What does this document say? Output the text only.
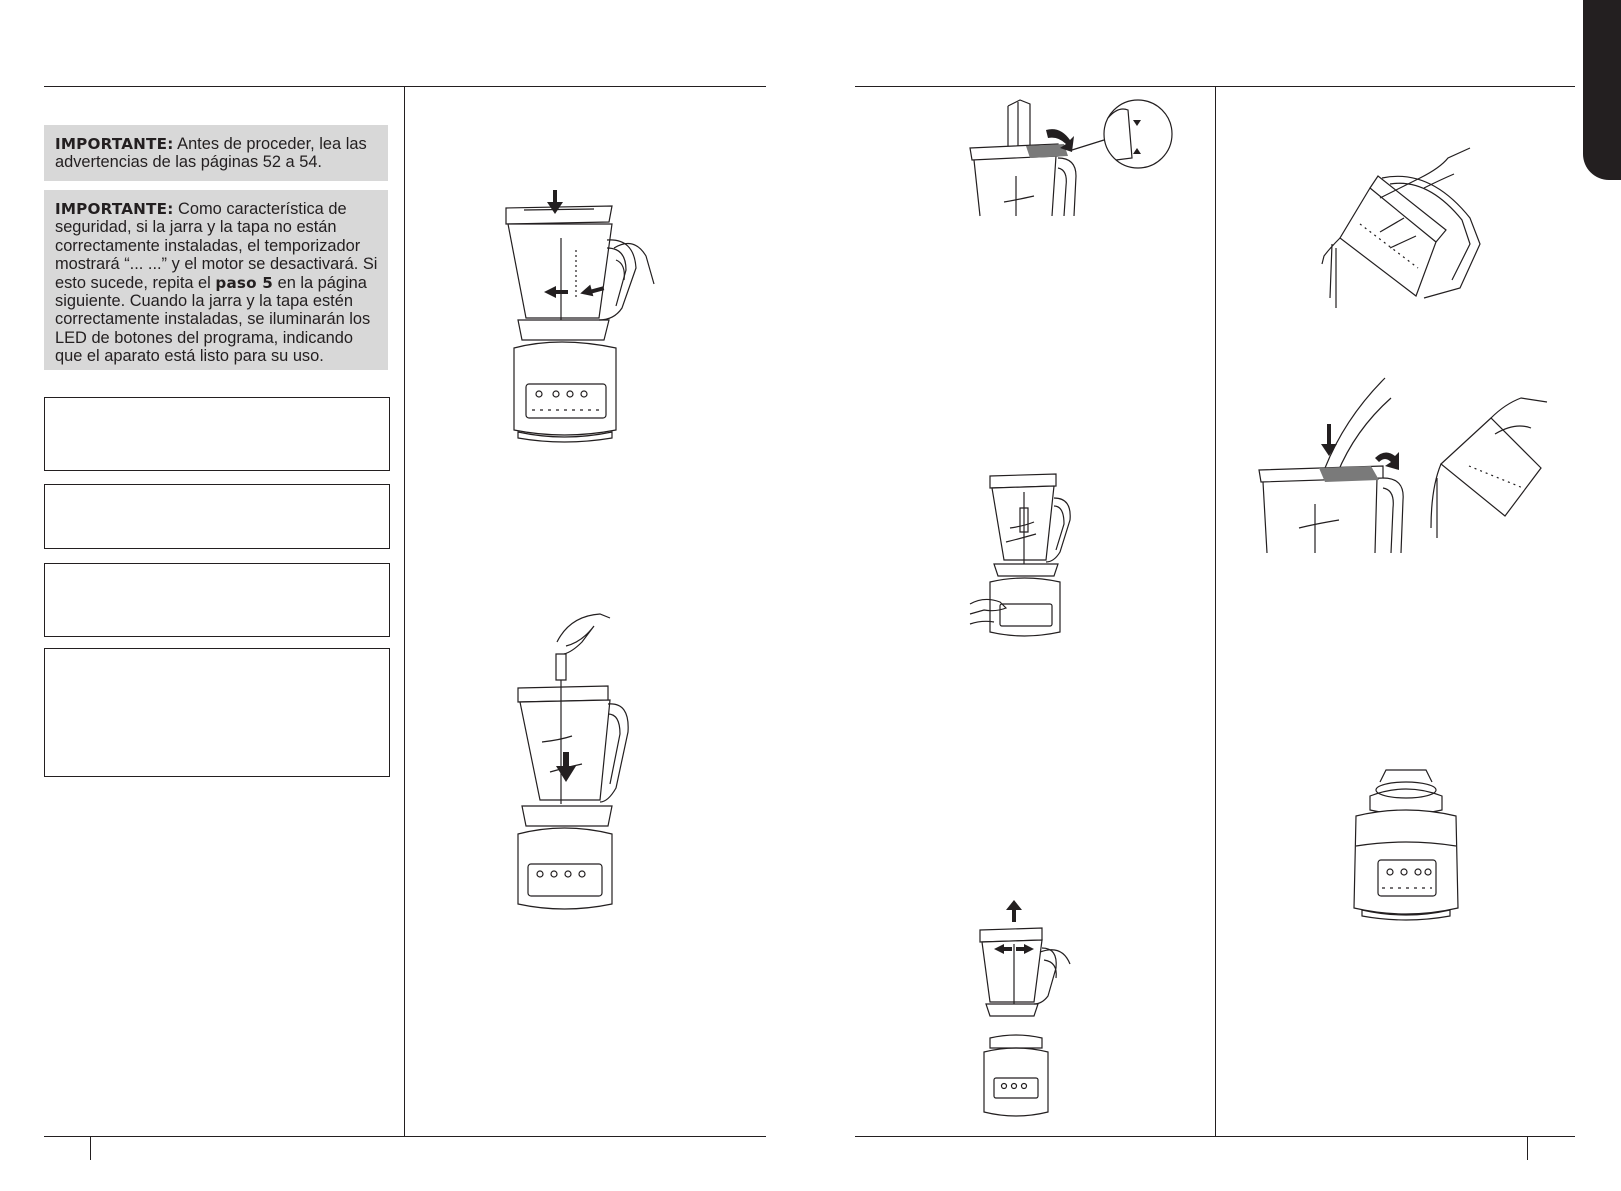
IMPORTANTE: Antes de proceder, lea las advertencias de las páginas 52 a 54.
IMPORTANTE: Como característica de seguridad, si la jarra y la tapa no están correctamente instaladas, el temporizador mostrará “... ...” y el motor se desactivará. Si esto sucede, repita el paso 5 en la página siguiente. Cuando la jarra y la tapa estén correctamente instaladas, se iluminarán los LED de botones del programa, indicando que el aparato está listo para su uso.
